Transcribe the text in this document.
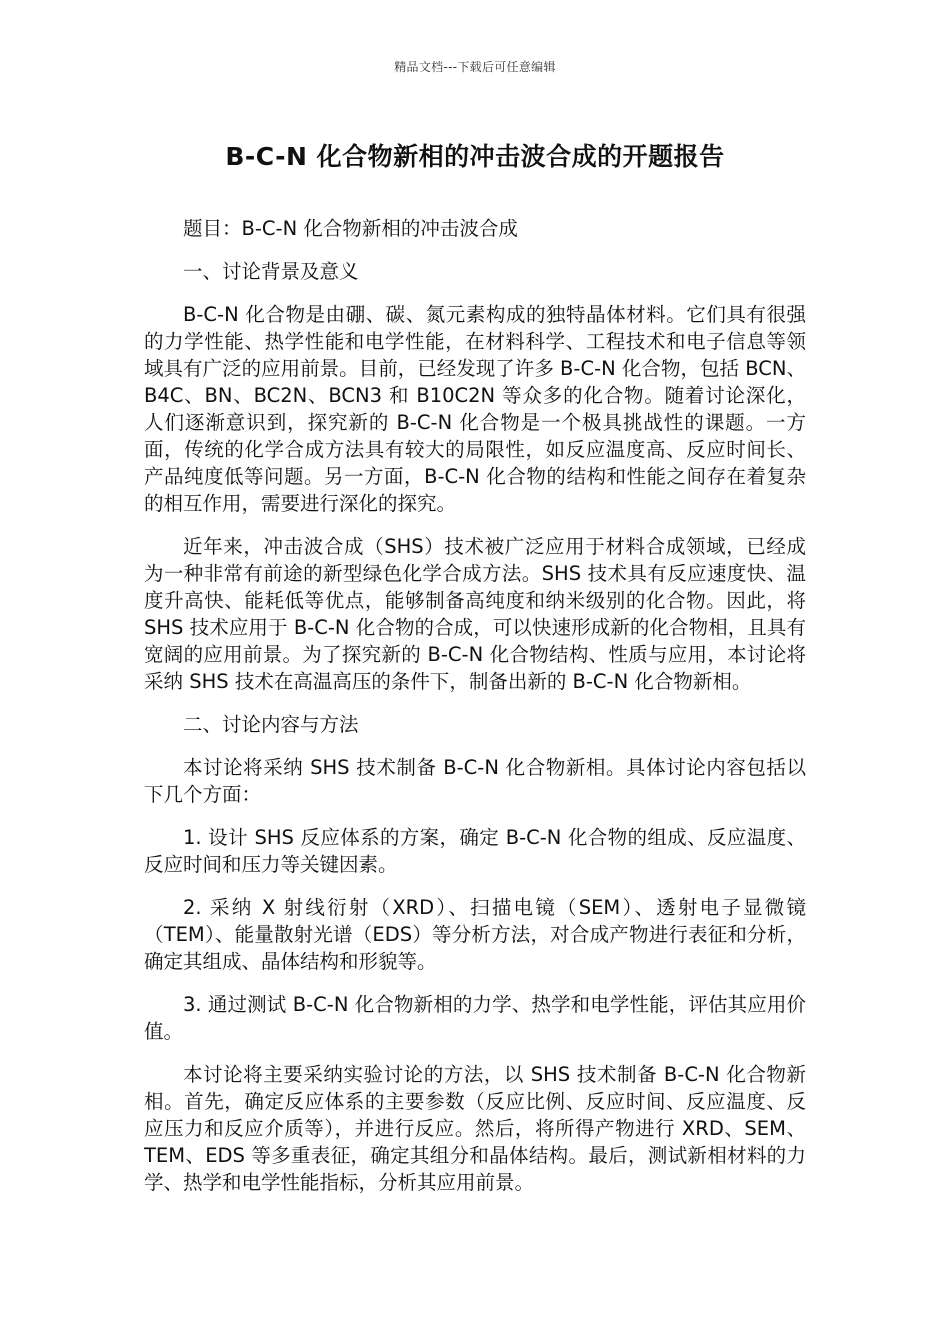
精品文档---下载后可任意编辑
B-C-N 化合物新相的冲击波合成的开题报告

题目：B-C-N 化合物新相的冲击波合成

一、讨论背景及意义

B-C-N 化合物是由硼、碳、氮元素构成的独特晶体材料。它们具有很强的力学性能、热学性能和电学性能，在材料科学、工程技术和电子信息等领域具有广泛的应用前景。目前，已经发现了许多 B-C-N 化合物，包括 BCN、B4C、BN、BC2N、BCN3 和 B10C2N 等众多的化合物。随着讨论深化，人们逐渐意识到，探究新的 B-C-N 化合物是一个极具挑战性的课题。一方面，传统的化学合成方法具有较大的局限性，如反应温度高、反应时间长、产品纯度低等问题。另一方面，B-C-N 化合物的结构和性能之间存在着复杂的相互作用，需要进行深化的探究。

近年来，冲击波合成（SHS）技术被广泛应用于材料合成领域，已经成为一种非常有前途的新型绿色化学合成方法。SHS 技术具有反应速度快、温度升高快、能耗低等优点，能够制备高纯度和纳米级别的化合物。因此，将 SHS 技术应用于 B-C-N 化合物的合成，可以快速形成新的化合物相，且具有宽阔的应用前景。为了探究新的 B-C-N 化合物结构、性质与应用，本讨论将采纳 SHS 技术在高温高压的条件下，制备出新的 B-C-N 化合物新相。

二、讨论内容与方法

本讨论将采纳 SHS 技术制备 B-C-N 化合物新相。具体讨论内容包括以下几个方面：

1. 设计 SHS 反应体系的方案，确定 B-C-N 化合物的组成、反应温度、反应时间和压力等关键因素。

2. 采纳 X 射线衍射（XRD）、扫描电镜（SEM）、透射电子显微镜（TEM）、能量散射光谱（EDS）等分析方法，对合成产物进行表征和分析，确定其组成、晶体结构和形貌等。

3. 通过测试 B-C-N 化合物新相的力学、热学和电学性能，评估其应用价值。

本讨论将主要采纳实验讨论的方法，以 SHS 技术制备 B-C-N 化合物新相。首先，确定反应体系的主要参数（反应比例、反应时间、反应温度、反应压力和反应介质等），并进行反应。然后，将所得产物进行 XRD、SEM、TEM、EDS 等多重表征，确定其组分和晶体结构。最后，测试新相材料的力学、热学和电学性能指标，分析其应用前景。
